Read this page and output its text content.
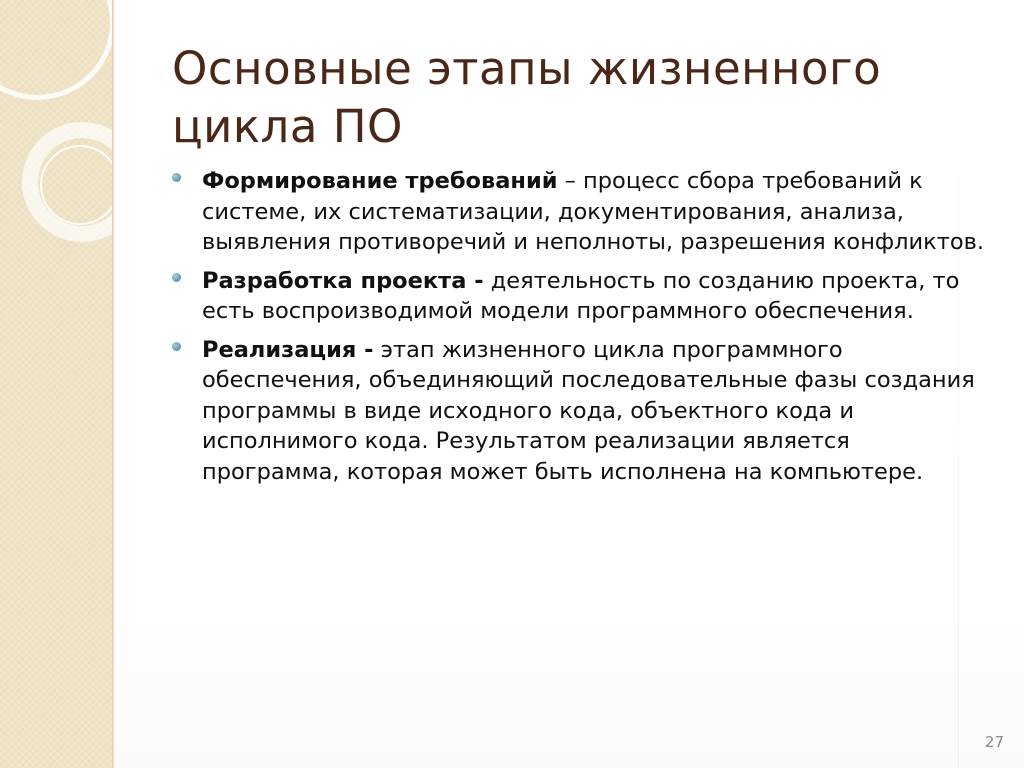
Основные этапы жизненного
цикла ПО
Формирование требований – процесс сбора требований к системе, их систематизации, документирования, анализа, выявления противоречий и неполноты, разрешения конфликтов.
Разработка проекта - деятельность по созданию проекта, то есть воспроизводимой модели программного обеспечения.
Реализация - этап жизненного цикла программного обеспечения, объединяющий последовательные фазы создания программы в виде исходного кода, объектного кода и исполнимого кода. Результатом реализации является программа, которая может быть исполнена на компьютере.
27
